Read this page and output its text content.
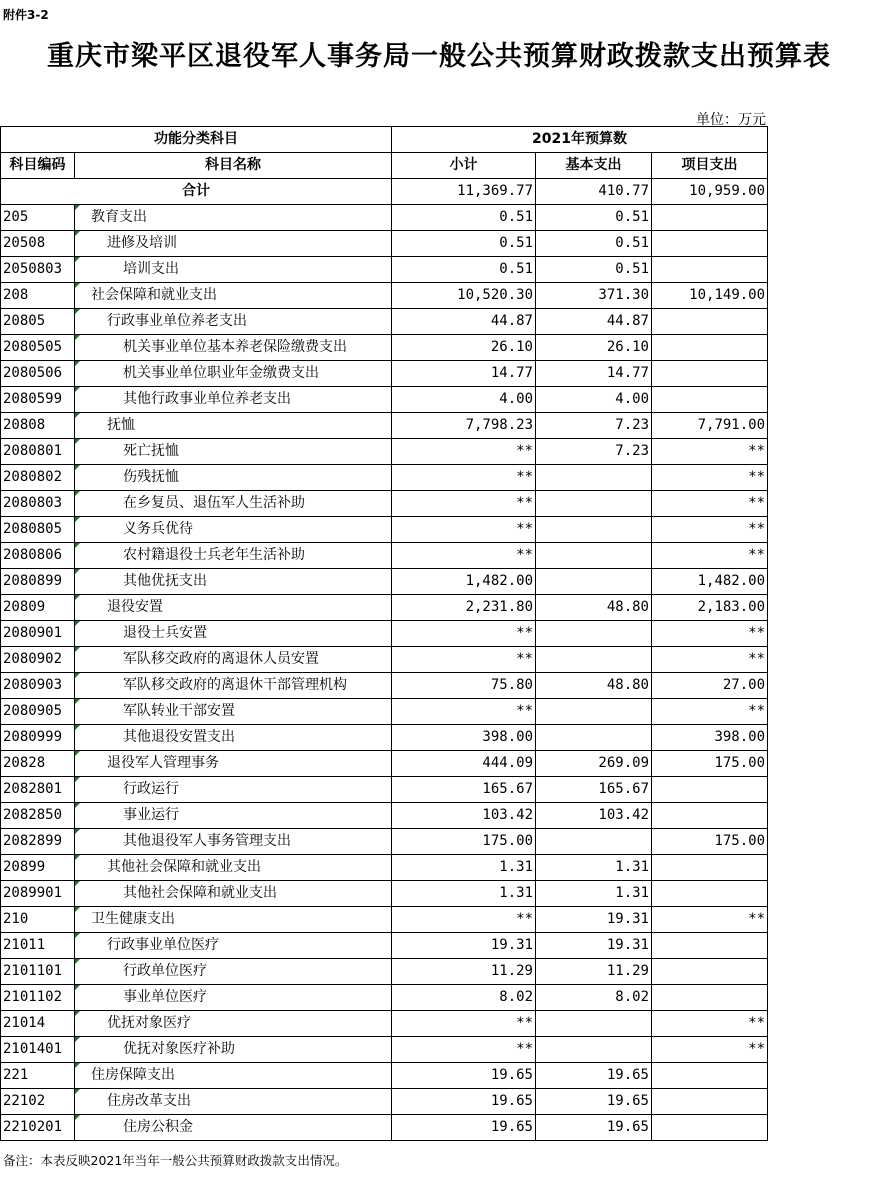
附件3-2
重庆市梁平区退役军人事务局一般公共预算财政拨款支出预算表
单位：万元
功能分类科目		2021年预算数		
科目编码	科目名称	小计	基本支出	项目支出
合计		11,369.77	410.77	10,959.00
205	教育支出	0.51	0.51	
20508	进修及培训	0.51	0.51	
2050803	培训支出	0.51	0.51	
208	社会保障和就业支出	10,520.30	371.30	10,149.00
20805	行政事业单位养老支出	44.87	44.87	
2080505	机关事业单位基本养老保险缴费支出	26.10	26.10	
2080506	机关事业单位职业年金缴费支出	14.77	14.77	
2080599	其他行政事业单位养老支出	4.00	4.00	
20808	抚恤	7,798.23	7.23	7,791.00
2080801	死亡抚恤	**	7.23	**
2080802	伤残抚恤	**		**
2080803	在乡复员、退伍军人生活补助	**		**
2080805	义务兵优待	**		**
2080806	农村籍退役士兵老年生活补助	**		**
2080899	其他优抚支出	1,482.00		1,482.00
20809	退役安置	2,231.80	48.80	2,183.00
2080901	退役士兵安置	**		**
2080902	军队移交政府的离退休人员安置	**		**
2080903	军队移交政府的离退休干部管理机构	75.80	48.80	27.00
2080905	军队转业干部安置	**		**
2080999	其他退役安置支出	398.00		398.00
20828	退役军人管理事务	444.09	269.09	175.00
2082801	行政运行	165.67	165.67	
2082850	事业运行	103.42	103.42	
2082899	其他退役军人事务管理支出	175.00		175.00
20899	其他社会保障和就业支出	1.31	1.31	
2089901	其他社会保障和就业支出	1.31	1.31	
210	卫生健康支出	**	19.31	**
21011	行政事业单位医疗	19.31	19.31	
2101101	行政单位医疗	11.29	11.29	
2101102	事业单位医疗	8.02	8.02	
21014	优抚对象医疗	**		**
2101401	优抚对象医疗补助	**		**
221	住房保障支出	19.65	19.65	
22102	住房改革支出	19.65	19.65	
2210201	住房公积金	19.65	19.65	
备注：本表反映2021年当年一般公共预算财政拨款支出情况。
